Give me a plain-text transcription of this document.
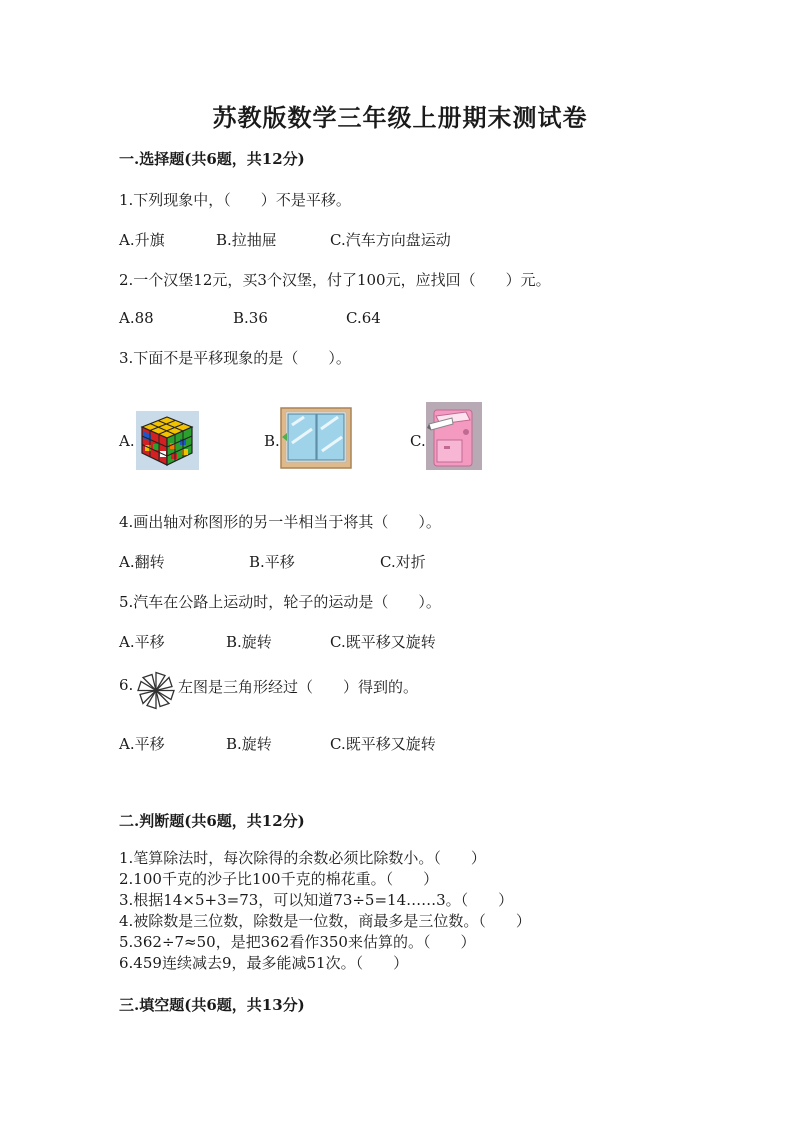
苏教版数学三年级上册期末测试卷
一.选择题(共6题，共12分)
1.下列现象中，（　　）不是平移。
A.升旗	B.拉抽屉	C.汽车方向盘运动
2.一个汉堡12元，买3个汉堡，付了100元，应找回（　　）元。
A.88	B.36	C.64
3.下面不是平移现象的是（　　）。
A.	B.	C.
4.画出轴对称图形的另一半相当于将其（　　）。
A.翻转	B.平移	C.对折
5.汽车在公路上运动时，轮子的运动是（　　）。
A.平移	B.旋转	C.既平移又旋转
6.	左图是三角形经过（　　）得到的。
A.平移	B.旋转	C.既平移又旋转
二.判断题(共6题，共12分)
1.笔算除法时，每次除得的余数必须比除数小。（　　）
2.100千克的沙子比100千克的棉花重。（　　）
3.根据14×5+3=73，可以知道73÷5=14……3。（　　）
4.被除数是三位数，除数是一位数，商最多是三位数。（　　）
5.362÷7≈50，是把362看作350来估算的。（　　）
6.459连续减去9，最多能减51次。（　　）
三.填空题(共6题，共13分)
